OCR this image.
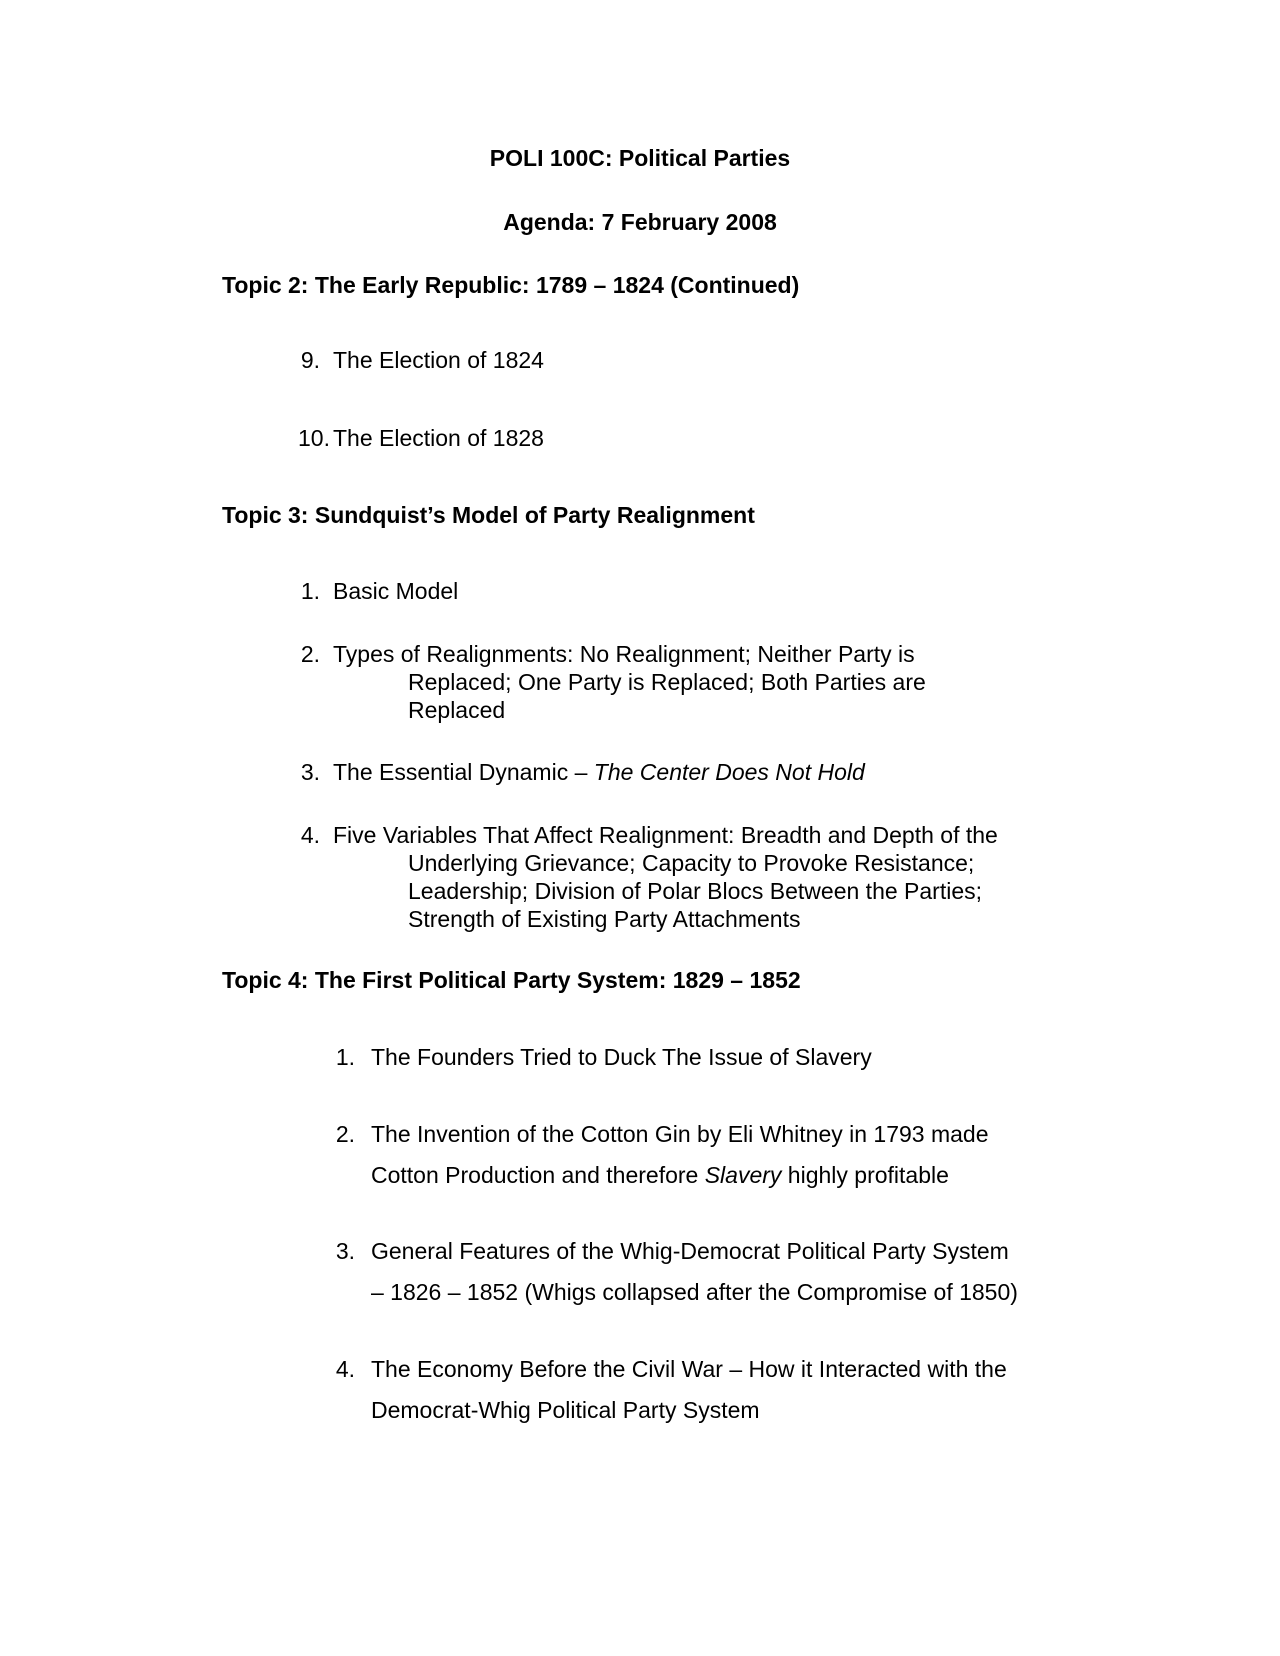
POLI 100C: Political Parties
Agenda: 7 February 2008
Topic 2: The Early Republic: 1789 – 1824 (Continued)
9. The Election of 1824
10. The Election of 1828
Topic 3: Sundquist’s Model of Party Realignment
1. Basic Model
2. Types of Realignments: No Realignment; Neither Party is
Replaced; One Party is Replaced; Both Parties are
Replaced
3. The Essential Dynamic – The Center Does Not Hold
4. Five Variables That Affect Realignment: Breadth and Depth of the
Underlying Grievance; Capacity to Provoke Resistance;
Leadership; Division of Polar Blocs Between the Parties;
Strength of Existing Party Attachments
Topic 4: The First Political Party System: 1829 – 1852
1. The Founders Tried to Duck The Issue of Slavery
2. The Invention of the Cotton Gin by Eli Whitney in 1793 made
Cotton Production and therefore Slavery highly profitable
3. General Features of the Whig-Democrat Political Party System
– 1826 – 1852 (Whigs collapsed after the Compromise of 1850)
4. The Economy Before the Civil War – How it Interacted with the
Democrat-Whig Political Party System
